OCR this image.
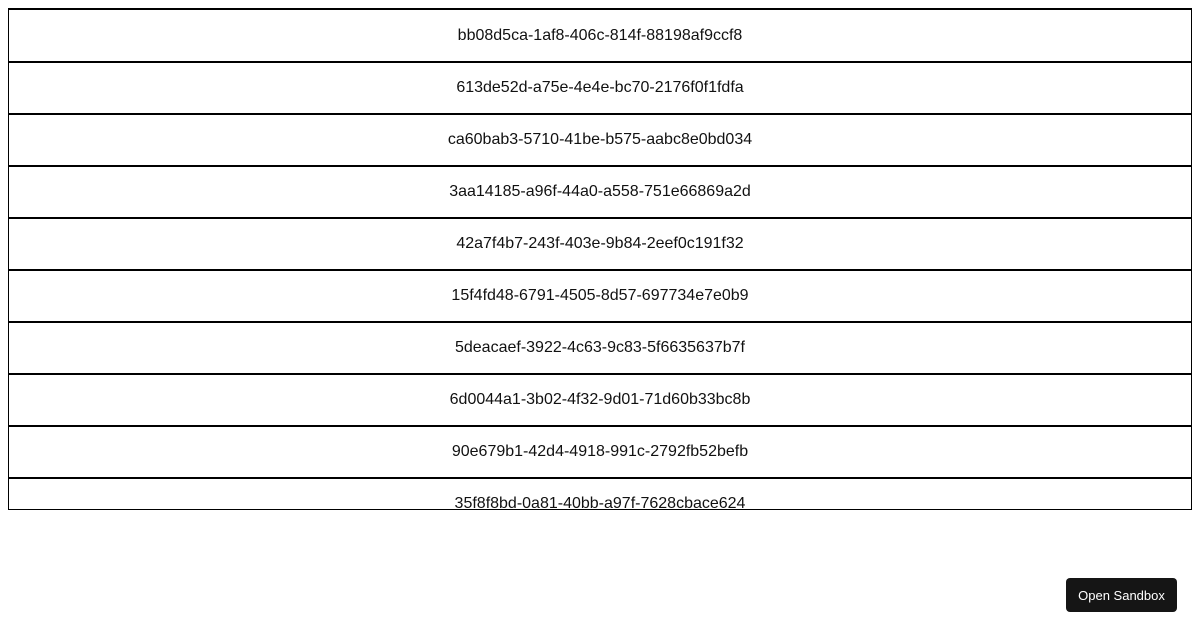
bb08d5ca-1af8-406c-814f-88198af9ccf8
613de52d-a75e-4e4e-bc70-2176f0f1fdfa
ca60bab3-5710-41be-b575-aabc8e0bd034
3aa14185-a96f-44a0-a558-751e66869a2d
42a7f4b7-243f-403e-9b84-2eef0c191f32
15f4fd48-6791-4505-8d57-697734e7e0b9
5deacaef-3922-4c63-9c83-5f6635637b7f
6d0044a1-3b02-4f32-9d01-71d60b33bc8b
90e679b1-42d4-4918-991c-2792fb52befb
35f8f8bd-0a81-40bb-a97f-7628cbace624
Open Sandbox
